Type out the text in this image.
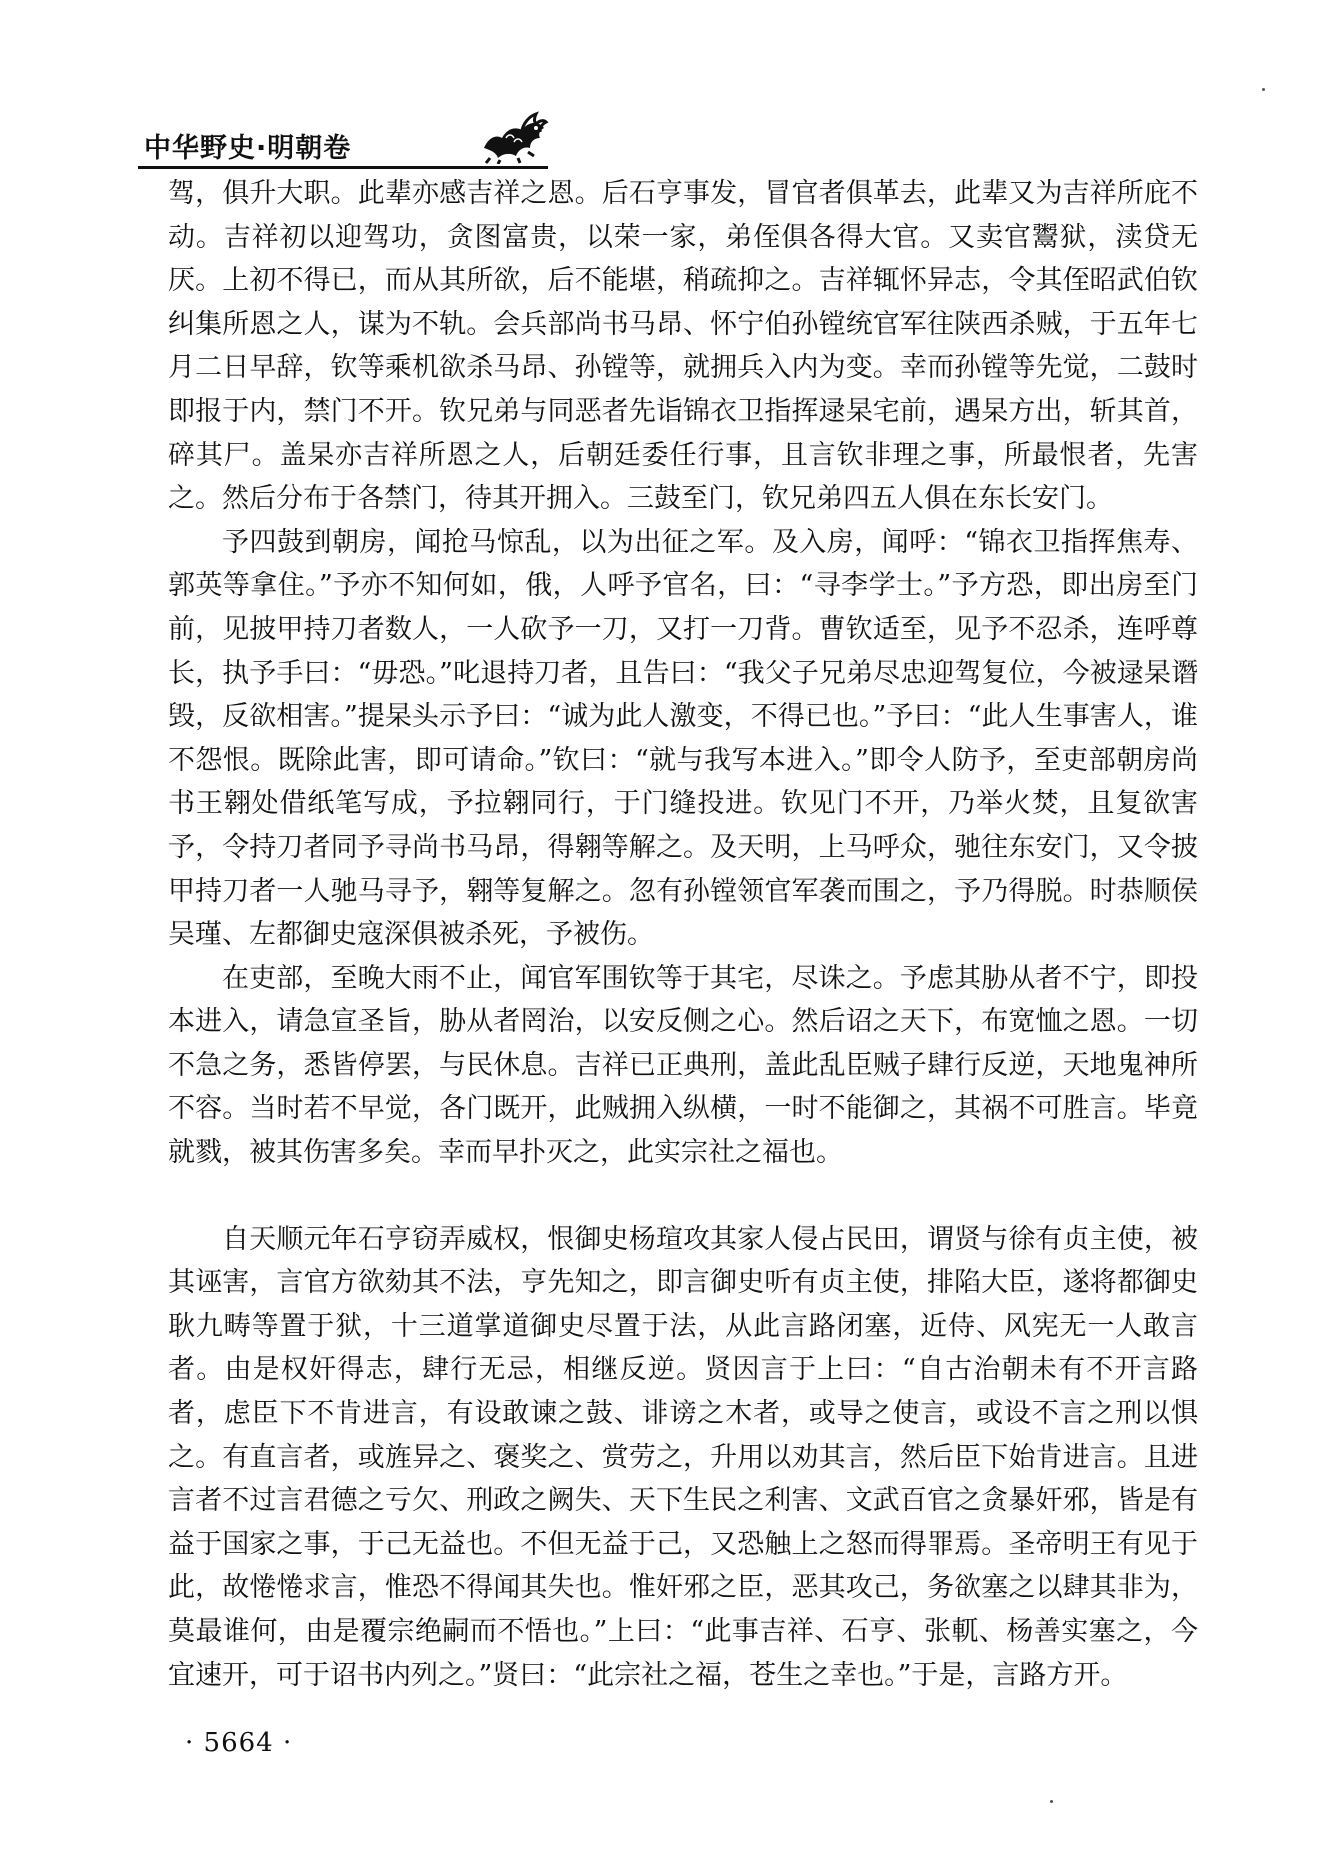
中华野史·明朝卷

驾，俱升大职。此辈亦感吉祥之恩。后石亨事发，冒官者俱革去，此辈又为吉祥所庇不动。吉祥初以迎驾功，贪图富贵，以荣一家，弟侄俱各得大官。又卖官鬻狱，渎贷无厌。上初不得已，而从其所欲，后不能堪，稍疏抑之。吉祥辄怀异志，令其侄昭武伯钦纠集所恩之人，谋为不轨。会兵部尚书马昂、怀宁伯孙镗统官军往陕西杀贼，于五年七月二日早辞，钦等乘机欲杀马昂、孙镗等，就拥兵入内为变。幸而孙镗等先觉，二鼓时即报于内，禁门不开。钦兄弟与同恶者先诣锦衣卫指挥逯杲宅前，遇杲方出，斩其首，碎其尸。盖杲亦吉祥所恩之人，后朝廷委任行事，且言钦非理之事，所最恨者，先害之。然后分布于各禁门，待其开拥入。三鼓至门，钦兄弟四五人俱在东长安门。

予四鼓到朝房，闻抢马惊乱，以为出征之军。及入房，闻呼：“锦衣卫指挥焦寿、郭英等拿住。”予亦不知何如，俄，人呼予官名，曰：“寻李学士。”予方恐，即出房至门前，见披甲持刀者数人，一人砍予一刀，又打一刀背。曹钦适至，见予不忍杀，连呼尊长，执予手曰：“毋恐。”叱退持刀者，且告曰：“我父子兄弟尽忠迎驾复位，今被逯杲谮毁，反欲相害。”提杲头示予曰：“诚为此人激变，不得已也。”予曰：“此人生事害人，谁不怨恨。既除此害，即可请命。”钦曰：“就与我写本进入。”即令人防予，至吏部朝房尚书王翱处借纸笔写成，予拉翱同行，于门缝投进。钦见门不开，乃举火焚，且复欲害予，令持刀者同予寻尚书马昂，得翱等解之。及天明，上马呼众，驰往东安门，又令披甲持刀者一人驰马寻予，翱等复解之。忽有孙镗领官军袭而围之，予乃得脱。时恭顺侯吴瑾、左都御史寇深俱被杀死，予被伤。

在吏部，至晚大雨不止，闻官军围钦等于其宅，尽诛之。予虑其胁从者不宁，即投本进入，请急宣圣旨，胁从者罔治，以安反侧之心。然后诏之天下，布宽恤之恩。一切不急之务，悉皆停罢，与民休息。吉祥已正典刑，盖此乱臣贼子肆行反逆，天地鬼神所不容。当时若不早觉，各门既开，此贼拥入纵横，一时不能御之，其祸不可胜言。毕竟就戮，被其伤害多矣。幸而早扑灭之，此实宗社之福也。

自天顺元年石亨窃弄威权，恨御史杨瑄攻其家人侵占民田，谓贤与徐有贞主使，被其诬害，言官方欲劾其不法，亨先知之，即言御史听有贞主使，排陷大臣，遂将都御史耿九畴等置于狱，十三道掌道御史尽置于法，从此言路闭塞，近侍、风宪无一人敢言者。由是权奸得志，肆行无忌，相继反逆。贤因言于上曰：“自古治朝未有不开言路者，虑臣下不肯进言，有设敢谏之鼓、诽谤之木者，或导之使言，或设不言之刑以惧之。有直言者，或旌异之、褒奖之、赏劳之，升用以劝其言，然后臣下始肯进言。且进言者不过言君德之亏欠、刑政之阙失、天下生民之利害、文武百官之贪暴奸邪，皆是有益于国家之事，于己无益也。不但无益于己，又恐触上之怒而得罪焉。圣帝明王有见于此，故惓惓求言，惟恐不得闻其失也。惟奸邪之臣，恶其攻己，务欲塞之以肆其非为，莫最谁何，由是覆宗绝嗣而不悟也。”上曰：“此事吉祥、石亨、张軏、杨善实塞之，今宜速开，可于诏书内列之。”贤曰：“此宗社之福，苍生之幸也。”于是，言路方开。

· 5664 ·
